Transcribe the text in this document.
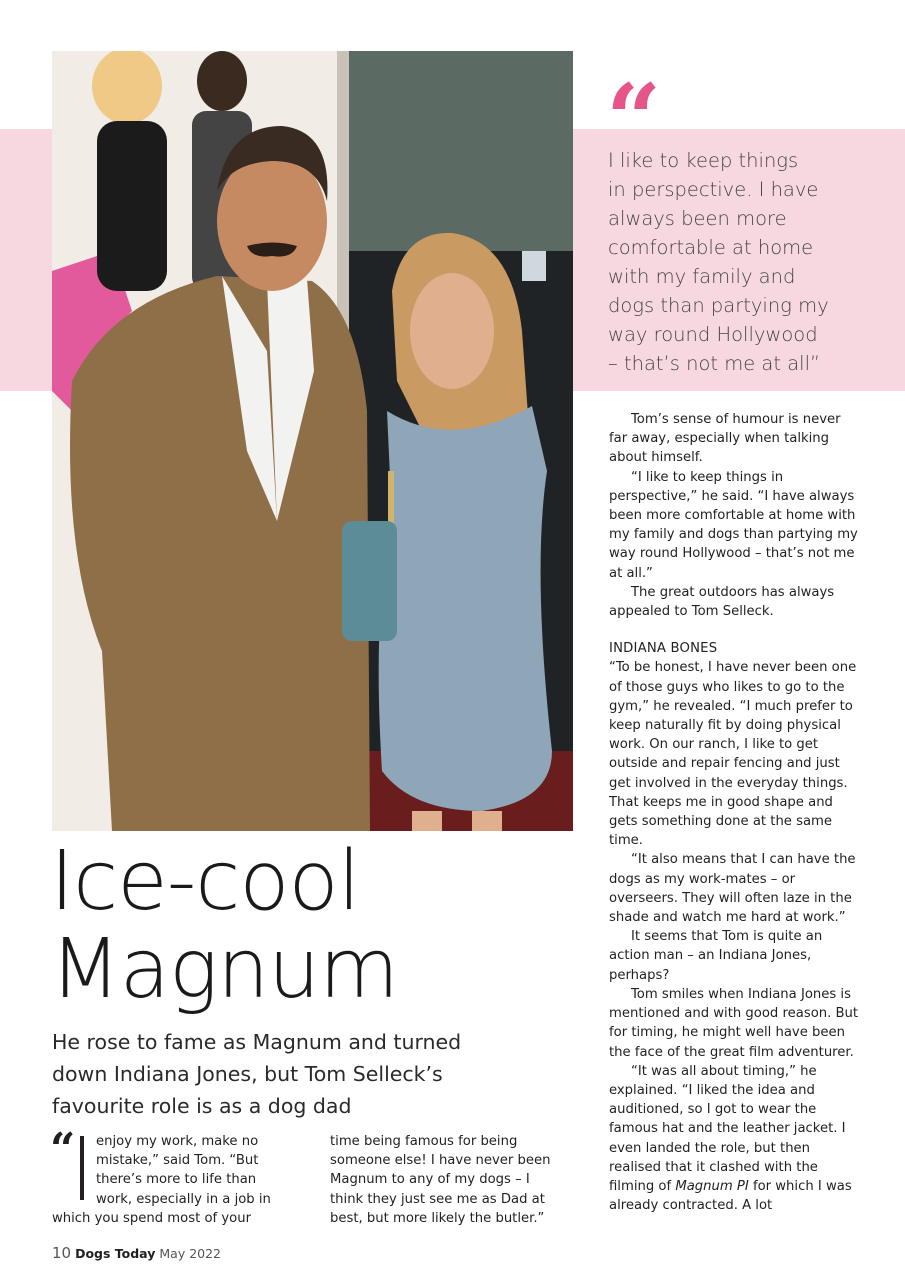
“
I like to keep things
in perspective. I have
always been more
comfortable at home
with my family and
dogs than partying my
way round Hollywood
– that’s not me at all”

Tom’s sense of humour is never far away, especially when talking about himself.

“I like to keep things in perspective,” he said. “I have always been more comfortable at home with my family and dogs than partying my way round Hollywood – that’s not me at all.”

The great outdoors has always appealed to Tom Selleck.

INDIANA BONES

“To be honest, I have never been one of those guys who likes to go to the gym,” he revealed. “I much prefer to keep naturally fit by doing physical work. On our ranch, I like to get outside and repair fencing and just get involved in the everyday things. That keeps me in good shape and gets something done at the same time.

“It also means that I can have the dogs as my work-mates – or overseers. They will often laze in the shade and watch me hard at work.”

It seems that Tom is quite an action man – an Indiana Jones, perhaps?

Tom smiles when Indiana Jones is mentioned and with good reason. But for timing, he might well have been the face of the great film adventurer.

“It was all about timing,” he explained. “I liked the idea and auditioned, so I got to wear the famous hat and the leather jacket. I even landed the role, but then realised that it clashed with the filming of Magnum PI for which I was already contracted. A lot

Ice-cool
Magnum
He rose to fame as Magnum and turned
down Indiana Jones, but Tom Selleck’s
favourite role is as a dog dad
“	enjoy my work, make no
mistake,” said Tom. “But
there’s more to life than
work, especially in a job in
which you spend most of your
time being famous for being someone else! I have never been Magnum to any of my dogs – I think they just see me as Dad at best, but more likely the butler.”
10 Dogs Today May 2022
